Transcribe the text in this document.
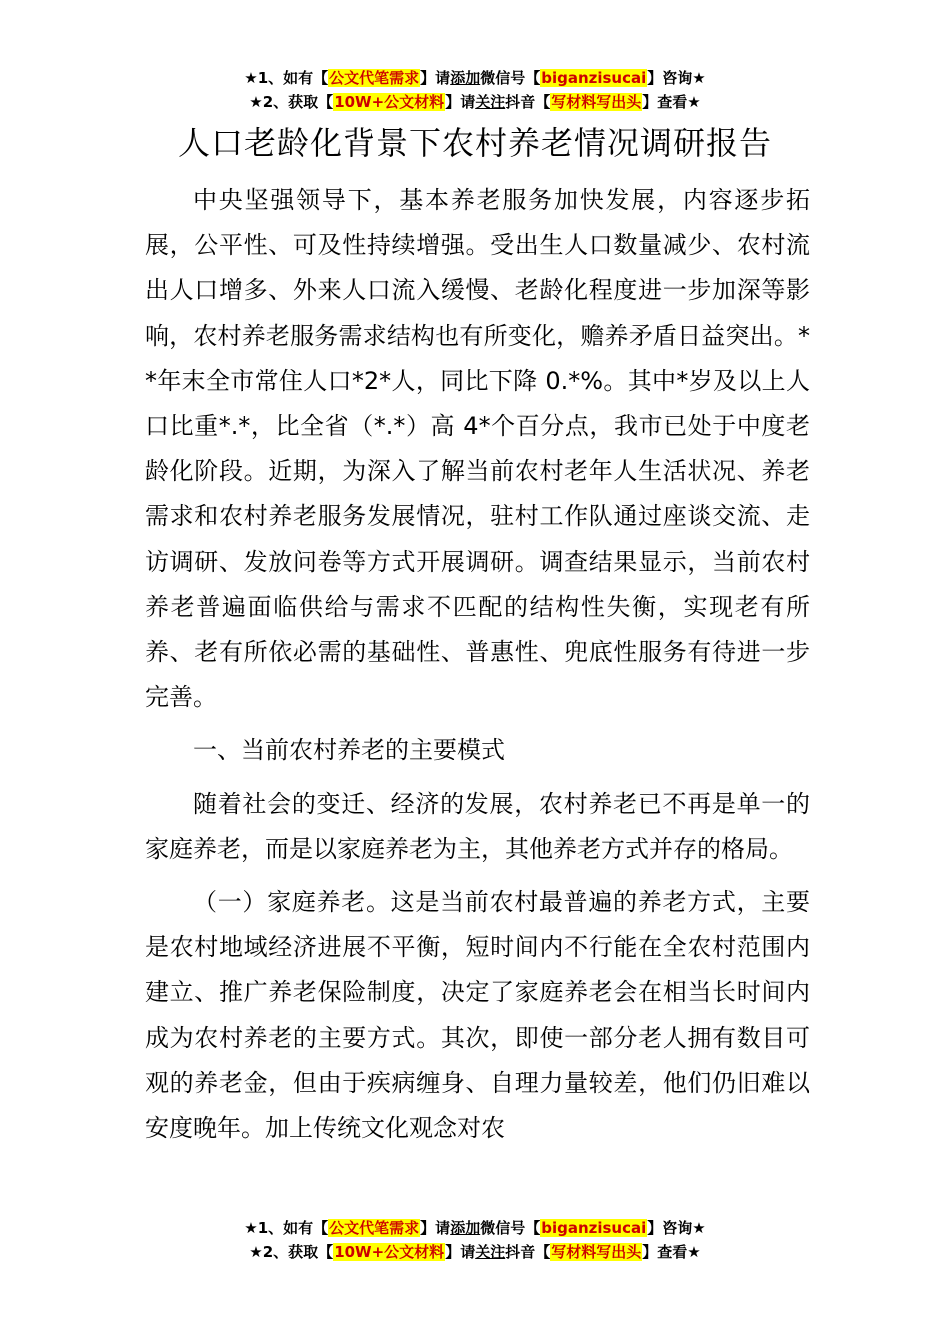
★1、如有【公文代笔需求】请添加微信号【biganzisucai】咨询★
★2、获取【10W+公文材料】请关注抖音【写材料写出头】查看★
人口老龄化背景下农村养老情况调研报告

中央坚强领导下，基本养老服务加快发展，内容逐步拓展，公平性、可及性持续增强。受出生人口数量减少、农村流出人口增多、外来人口流入缓慢、老龄化程度进一步加深等影响，农村养老服务需求结构也有所变化，赡养矛盾日益突出。**年末全市常住人口*2*人，同比下降 0.*%。其中*岁及以上人口比重*.*，比全省（*.*）高 4*个百分点，我市已处于中度老龄化阶段。近期，为深入了解当前农村老年人生活状况、养老需求和农村养老服务发展情况，驻村工作队通过座谈交流、走访调研、发放问卷等方式开展调研。调查结果显示，当前农村养老普遍面临供给与需求不匹配的结构性失衡，实现老有所养、老有所依必需的基础性、普惠性、兜底性服务有待进一步完善。

一、当前农村养老的主要模式

随着社会的变迁、经济的发展，农村养老已不再是单一的家庭养老，而是以家庭养老为主，其他养老方式并存的格局。

（一）家庭养老。这是当前农村最普遍的养老方式，主要是农村地域经济进展不平衡，短时间内不行能在全农村范围内建立、推广养老保险制度，决定了家庭养老会在相当长时间内成为农村养老的主要方式。其次，即使一部分老人拥有数目可观的养老金，但由于疾病缠身、自理力量较差，他们仍旧难以安度晚年。加上传统文化观念对农

★1、如有【公文代笔需求】请添加微信号【biganzisucai】咨询★
★2、获取【10W+公文材料】请关注抖音【写材料写出头】查看★
